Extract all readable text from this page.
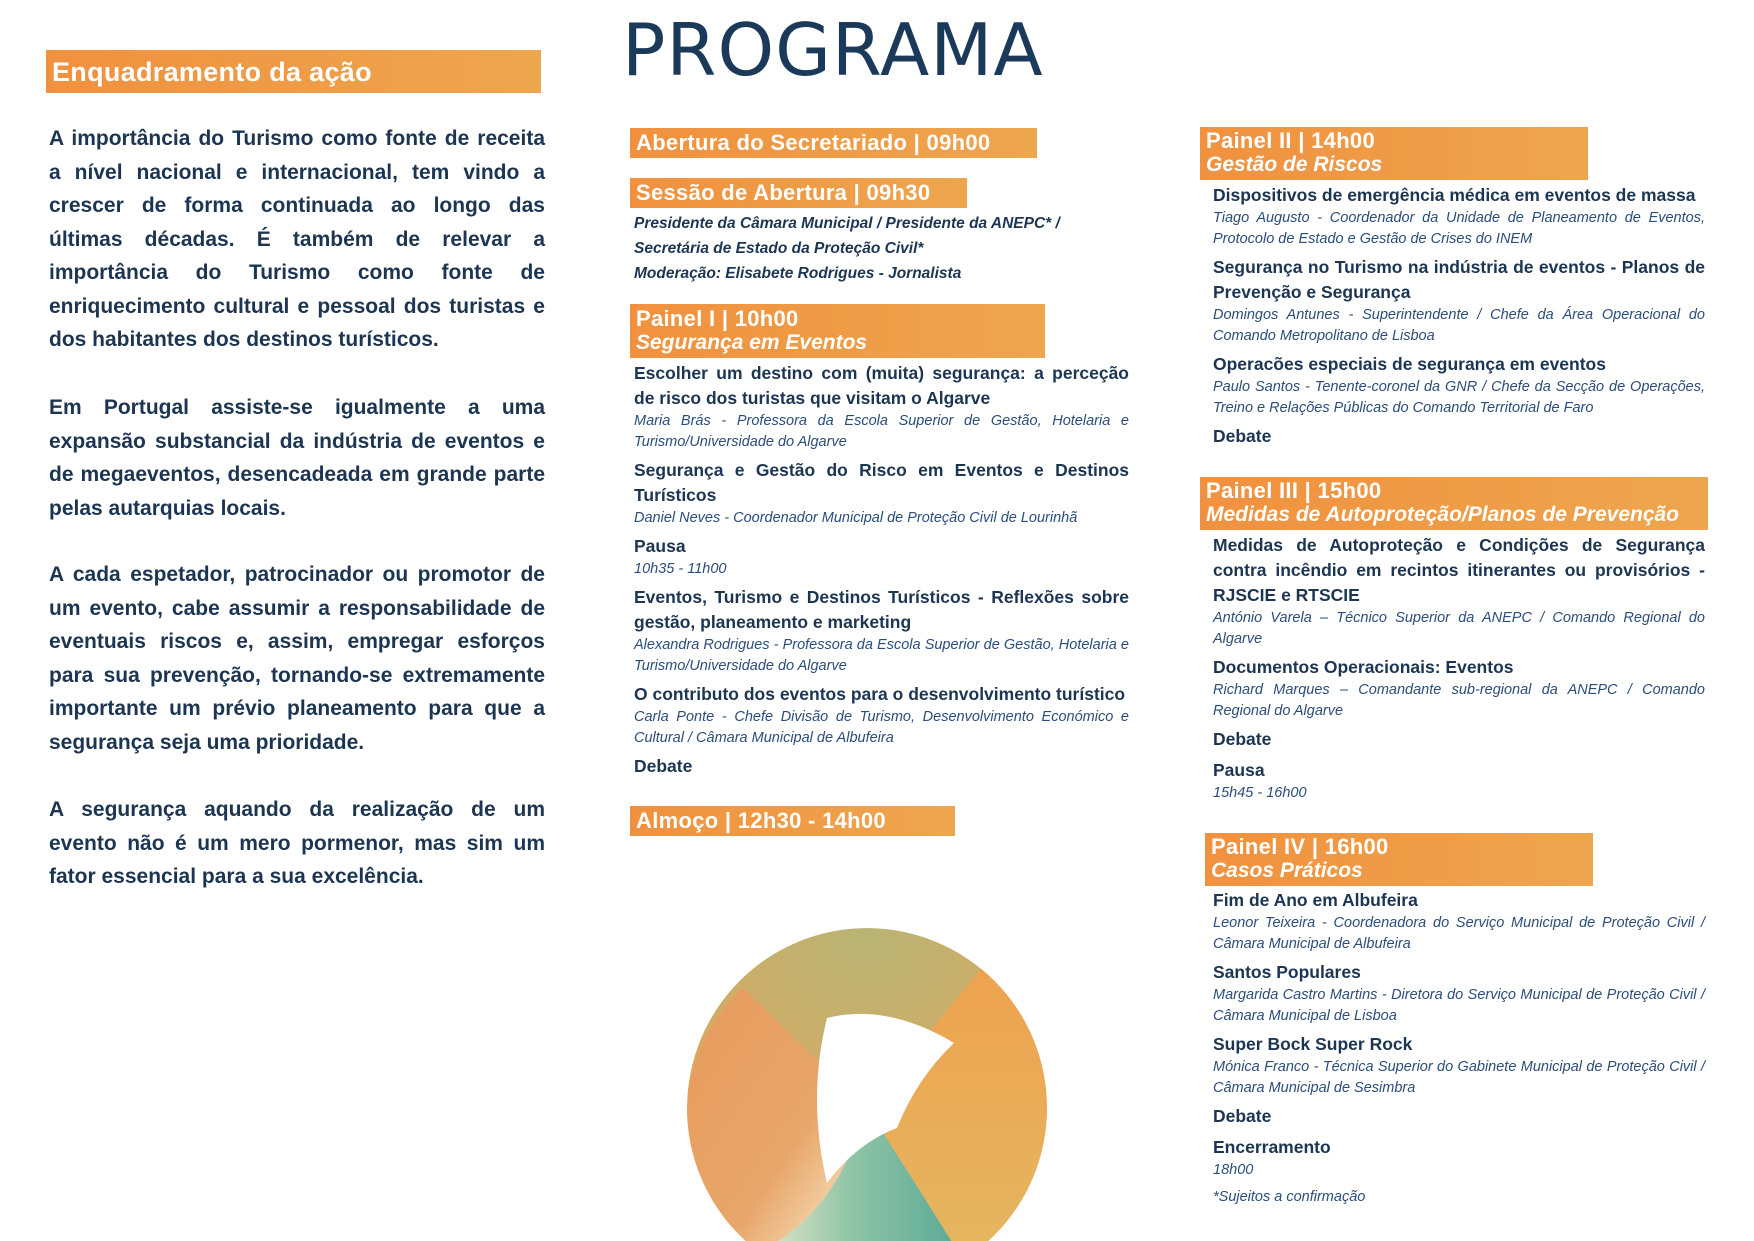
Enquadramento da ação

A importância do Turismo como fonte de receita a nível nacional e internacional, tem vindo a crescer de forma continuada ao longo das últimas décadas. É também de relevar a importância do Turismo como fonte de enriquecimento cultural e pessoal dos turistas e dos habitantes dos destinos turísticos.

Em Portugal assiste-se igualmente a uma expansão substancial da indústria de eventos e de megaeventos, desencadeada em grande parte pelas autarquias locais.

A cada espetador, patrocinador ou promotor de um evento, cabe assumir a responsabilidade de eventuais riscos e, assim, empregar esforços para sua prevenção, tornando-se extremamente importante um prévio planeamento para que a segurança seja uma prioridade.

A segurança aquando da realização de um evento não é um mero pormenor, mas sim um fator essencial para a sua excelência.

PROGRAMA
Abertura do Secretariado | 09h00
Sessão de Abertura | 09h30
Presidente da Câmara Municipal / Presidente da ANEPC* / Secretária de Estado da Proteção Civil*
Moderação: Elisabete Rodrigues - Jornalista
Painel I | 10h00
Segurança em Eventos
Escolher um destino com (muita) segurança: a perceção de risco dos turistas que visitam o Algarve
Maria Brás - Professora da Escola Superior de Gestão, Hotelaria e Turismo/Universidade do Algarve
Segurança e Gestão do Risco em Eventos e Destinos Turísticos
Daniel Neves - Coordenador Municipal de Proteção Civil de Lourinhã
Pausa
10h35 - 11h00
Eventos, Turismo e Destinos Turísticos - Reflexões sobre gestão, planeamento e marketing
Alexandra Rodrigues - Professora da Escola Superior de Gestão, Hotelaria e Turismo/Universidade do Algarve
O contributo dos eventos para o desenvolvimento turístico
Carla Ponte - Chefe Divisão de Turismo, Desenvolvimento Económico e Cultural / Câmara Municipal de Albufeira
Debate
Almoço | 12h30 - 14h00
Painel II | 14h00
Gestão de Riscos
Dispositivos de emergência médica em eventos de massa
Tiago Augusto - Coordenador da Unidade de Planeamento de Eventos, Protocolo de Estado e Gestão de Crises do INEM
Segurança no Turismo na indústria de eventos - Planos de Prevenção e Segurança
Domingos Antunes - Superintendente / Chefe da Área Operacional do Comando Metropolitano de Lisboa
Operacões especiais de segurança em eventos
Paulo Santos - Tenente-coronel da GNR / Chefe da Secção de Operações, Treino e Relações Públicas do Comando Territorial de Faro
Debate
Painel III | 15h00
Medidas de Autoproteção/Planos de Prevenção
Medidas de Autoproteção e Condições de Segurança contra incêndio em recintos itinerantes ou provisórios - RJSCIE e RTSCIE
António Varela – Técnico Superior da ANEPC / Comando Regional do Algarve
Documentos Operacionais: Eventos
Richard Marques – Comandante sub-regional da ANEPC / Comando Regional do Algarve
Debate
Pausa
15h45 - 16h00
Painel IV | 16h00
Casos Práticos
Fim de Ano em Albufeira
Leonor Teixeira - Coordenadora do Serviço Municipal de Proteção Civil / Câmara Municipal de Albufeira
Santos Populares
Margarida Castro Martins - Diretora do Serviço Municipal de Proteção Civil / Câmara Municipal de Lisboa
Super Bock Super Rock
Mónica Franco - Técnica Superior do Gabinete Municipal de Proteção Civil / Câmara Municipal de Sesimbra
Debate
Encerramento
18h00
*Sujeitos a confirmação
